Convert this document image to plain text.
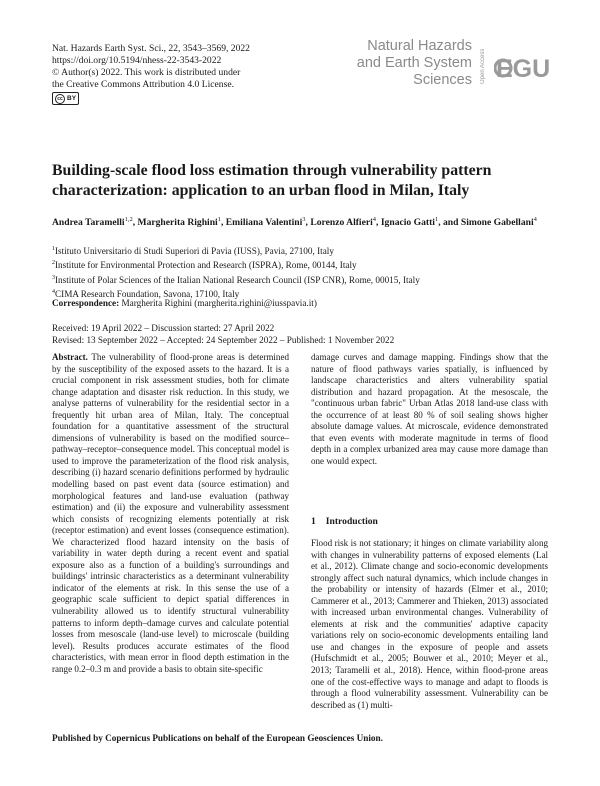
Nat. Hazards Earth Syst. Sci., 22, 3543–3569, 2022
https://doi.org/10.5194/nhess-22-3543-2022
© Author(s) 2022. This work is distributed under
the Creative Commons Attribution 4.0 License.
cc BY
Natural Hazards
and Earth System
Sciences Open Access EGU
Building-scale flood loss estimation through vulnerability pattern characterization: application to an urban flood in Milan, Italy
Andrea Taramelli$^{1,2}$, Margherita Righini$^1$, Emiliana Valentini$^3$, Lorenzo Alfieri$^4$, Ignacio Gatti$^1$, and Simone Gabellani$^4$
$^1$Istituto Universitario di Studi Superiori di Pavia (IUSS), Pavia, 27100, Italy
$^2$Institute for Environmental Protection and Research (ISPRA), Rome, 00144, Italy
$^3$Institute of Polar Sciences of the Italian National Research Council (ISP CNR), Rome, 00015, Italy
$^4$CIMA Research Foundation, Savona, 17100, Italy
Correspondence: Margherita Righini (margherita.righini@iusspavia.it)
Received: 19 April 2022 – Discussion started: 27 April 2022
Revised: 13 September 2022 – Accepted: 24 September 2022 – Published: 1 November 2022

Abstract. The vulnerability of flood-prone areas is determined by the susceptibility of the exposed assets to the hazard. It is a crucial component in risk assessment studies, both for climate change adaptation and disaster risk reduction. In this study, we analyse patterns of vulnerability for the residential sector in a frequently hit urban area of Milan, Italy. The conceptual foundation for a quantitative assessment of the structural dimensions of vulnerability is based on the modified source–pathway–receptor–consequence model. This conceptual model is used to improve the parameterization of the flood risk analysis, describing (i) hazard scenario definitions performed by hydraulic modelling based on past event data (source estimation) and morphological features and land-use evaluation (pathway estimation) and (ii) the exposure and vulnerability assessment which consists of recognizing elements potentially at risk (receptor estimation) and event losses (consequence estimation). We characterized flood hazard intensity on the basis of variability in water depth during a recent event and spatial exposure also as a function of a building's surroundings and buildings' intrinsic characteristics as a determinant vulnerability indicator of the elements at risk. In this sense the use of a geographic scale sufficient to depict spatial differences in vulnerability allowed us to identify structural vulnerability patterns to inform depth–damage curves and calculate potential losses from mesoscale (land-use level) to microscale (building level). Results produces accurate estimates of the flood characteristics, with mean error in flood depth estimation in the range 0.2–0.3 m and provide a basis to obtain site-specific

damage curves and damage mapping. Findings show that the nature of flood pathways varies spatially, is influenced by landscape characteristics and alters vulnerability spatial distribution and hazard propagation. At the mesoscale, the "continuous urban fabric" Urban Atlas 2018 land-use class with the occurrence of at least 80 % of soil sealing shows higher absolute damage values. At microscale, evidence demonstrated that even events with moderate magnitude in terms of flood depth in a complex urbanized area may cause more damage than one would expect.

1 Introduction

Flood risk is not stationary; it hinges on climate variability along with changes in vulnerability patterns of exposed elements (Lal et al., 2012). Climate change and socio-economic developments strongly affect such natural dynamics, which include changes in the probability or intensity of hazards (Elmer et al., 2010; Cammerer et al., 2013; Cammerer and Thieken, 2013) associated with increased urban environmental changes. Vulnerability of elements at risk and the communities' adaptive capacity variations rely on socio-economic developments entailing land use and changes in the exposure of people and assets (Hufschmidt et al., 2005; Bouwer et al., 2010; Meyer et al., 2013; Taramelli et al., 2018). Hence, within flood-prone areas one of the cost-effective ways to manage and adapt to floods is through a flood vulnerability assessment. Vulnerability can be described as (1) multi-

Published by Copernicus Publications on behalf of the European Geosciences Union.
